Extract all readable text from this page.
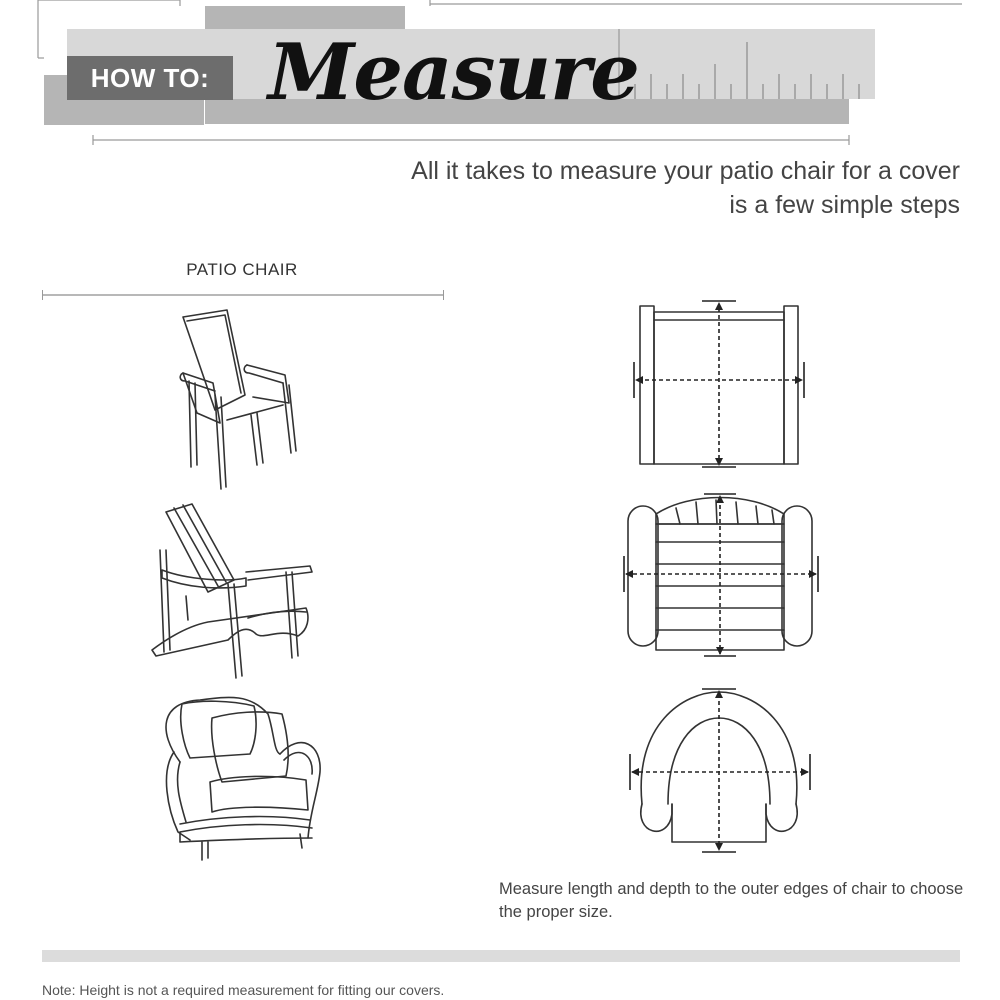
HOW TO: Measure
All it takes to measure your patio chair for a cover is a few simple steps
PATIO CHAIR
Measure length and depth to the outer edges of chair to choose the proper size.
Note: Height is not a required measurement for fitting our covers.
